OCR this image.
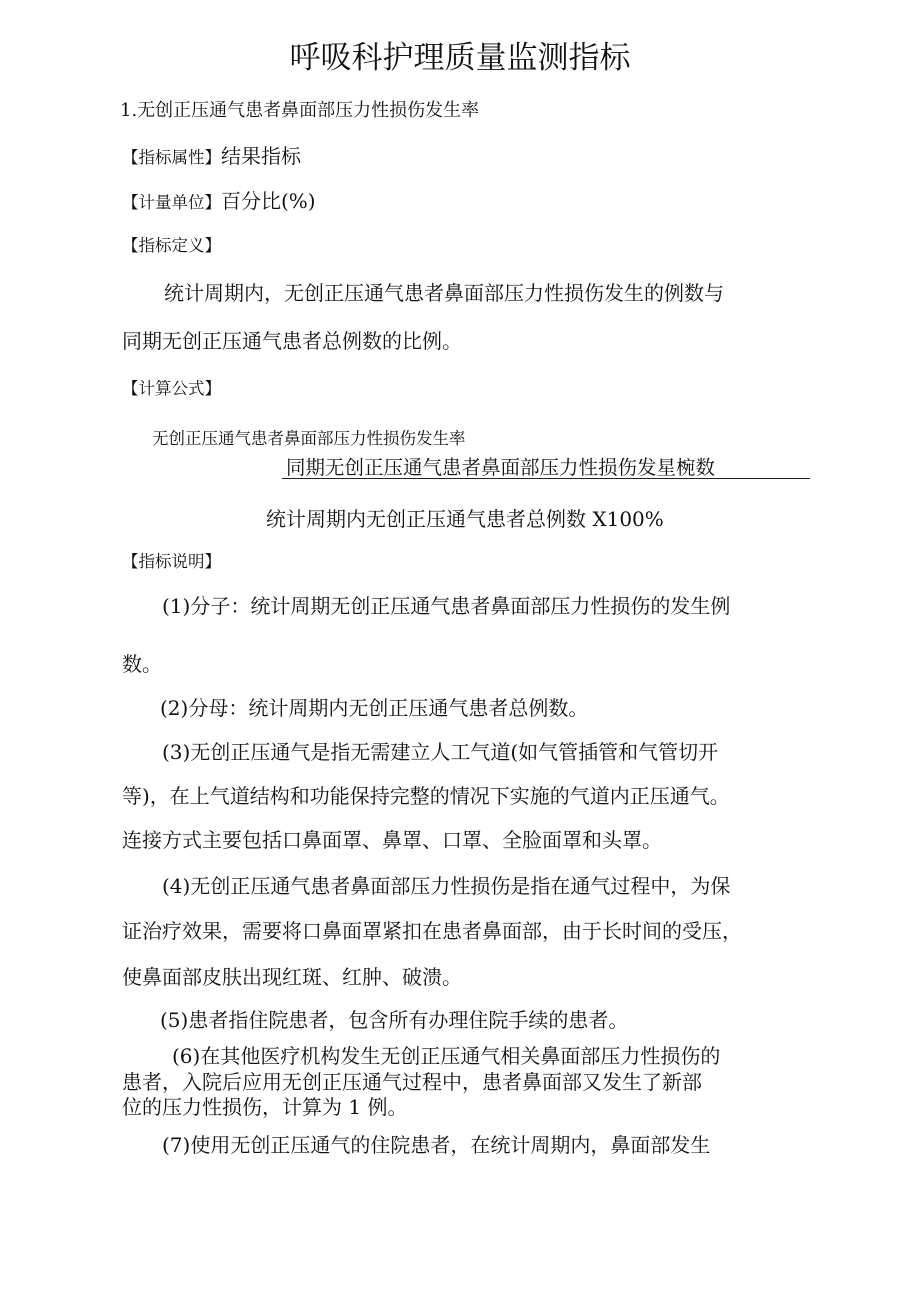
呼吸科护理质量监测指标
1.无创正压通气患者鼻面部压力性损伤发生率
【指标属性】结果指标
【计量单位】百分比(%)
【指标定义】
统计周期内，无创正压通气患者鼻面部压力性损伤发生的例数与
同期无创正压通气患者总例数的比例。
【计算公式】
无创正压通气患者鼻面部压力性损伤发生率
同期无创正压通气患者鼻面部压力性损伤发星椀数
统计周期内无创正压通气患者总例数 X100%
【指标说明】
(1)分子：统计周期无创正压通气患者鼻面部压力性损伤的发生例
数。
(2)分母：统计周期内无创正压通气患者总例数。
(3)无创正压通气是指无需建立人工气道(如气管插管和气管切开
等)，在上气道结构和功能保持完整的情况下实施的气道内正压通气。
连接方式主要包括口鼻面罩、鼻罩、口罩、全脸面罩和头罩。
(4)无创正压通气患者鼻面部压力性损伤是指在通气过程中，为保
证治疗效果，需要将口鼻面罩紧扣在患者鼻面部，由于长时间的受压，
使鼻面部皮肤出现红斑、红肿、破溃。
(5)患者指住院患者，包含所有办理住院手续的患者。
(6)在其他医疗机构发生无创正压通气相关鼻面部压力性损伤的
患者，入院后应用无创正压通气过程中，患者鼻面部又发生了新部
位的压力性损伤，计算为 1 例。
(7)使用无创正压通气的住院患者，在统计周期内，鼻面部发生
